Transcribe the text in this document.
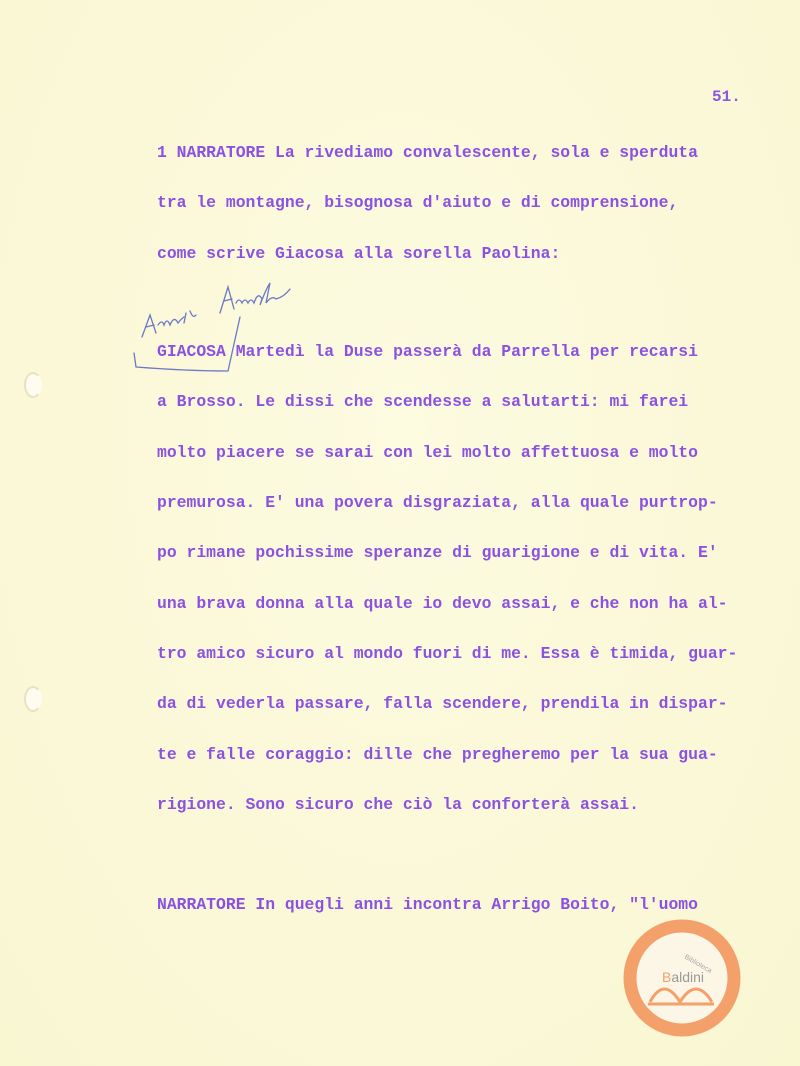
51.
1 NARRATORE La rivediamo convalescente, sola e sperduta
tra le montagne, bisognosa d'aiuto e di comprensione,
come scrive Giacosa alla sorella Paolina:
GIACOSA Martedì la Duse passerà da Parrella per recarsi
a Brosso. Le dissi che scendesse a salutarti: mi farei
molto piacere se sarai con lei molto affettuosa e molto
premurosa. E' una povera disgraziata, alla quale purtrop-
po rimane pochissime speranze di guarigione e di vita. E'
una brava donna alla quale io devo assai, e che non ha al-
tro amico sicuro al mondo fuori di me. Essa è timida, guar-
da di vederla passare, falla scendere, prendila in dispar-
te e falle coraggio: dille che pregheremo per la sua gua-
rigione. Sono sicuro che ciò la conforterà assai.
NARRATORE In quegli anni incontra Arrigo Boito, "l'uomo
Biblioteca
Baldini
